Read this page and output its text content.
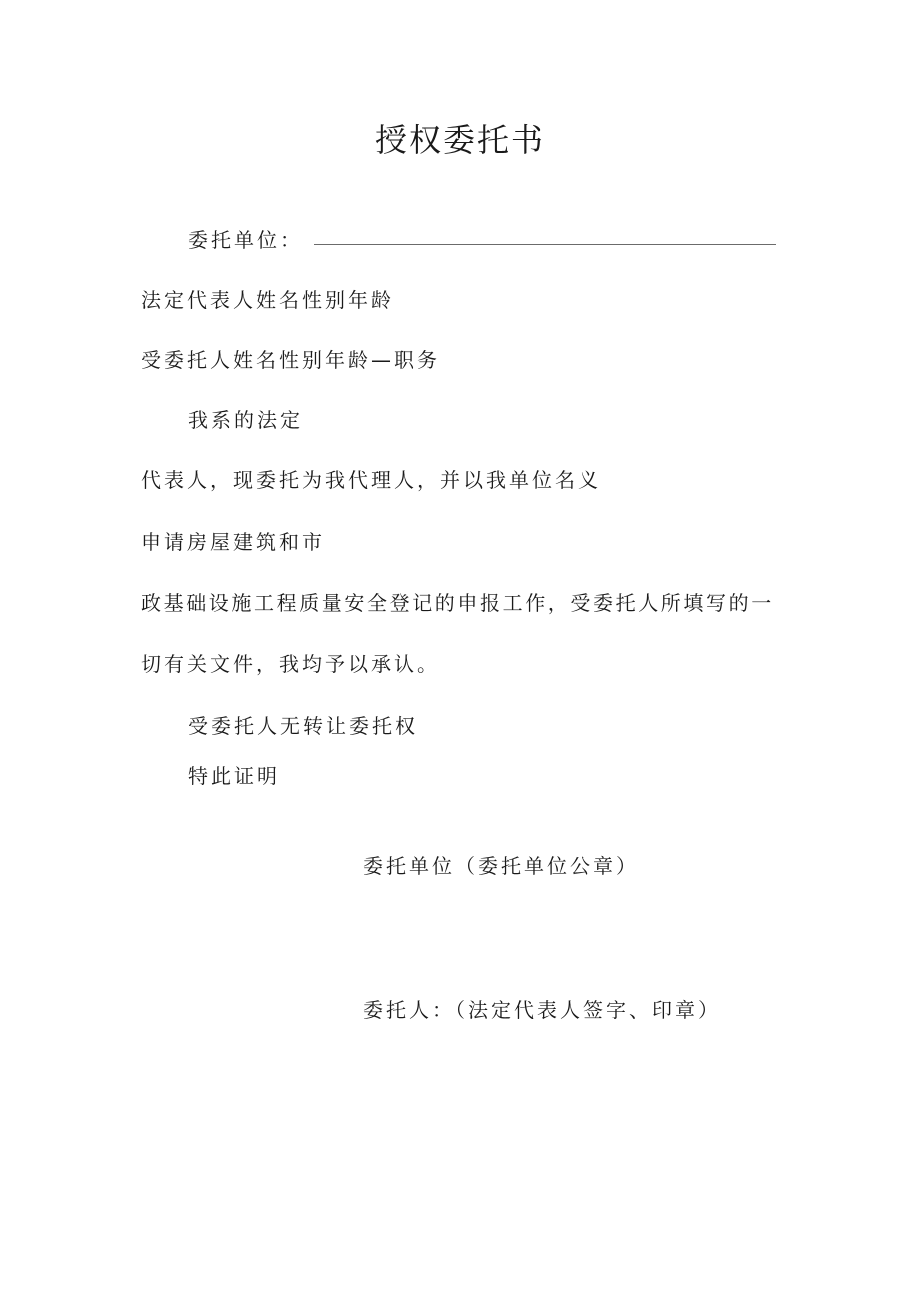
授权委托书
委托单位：
法定代表人姓名性别年龄
受委托人姓名性别年龄—职务
我系的法定
代表人，现委托为我代理人，并以我单位名义
申请房屋建筑和市
政基础设施工程质量安全登记的申报工作，受委托人所填写的一
切有关文件，我均予以承认。
受委托人无转让委托权
特此证明
委托单位（委托单位公章）
委托人：（法定代表人签字、印章）
